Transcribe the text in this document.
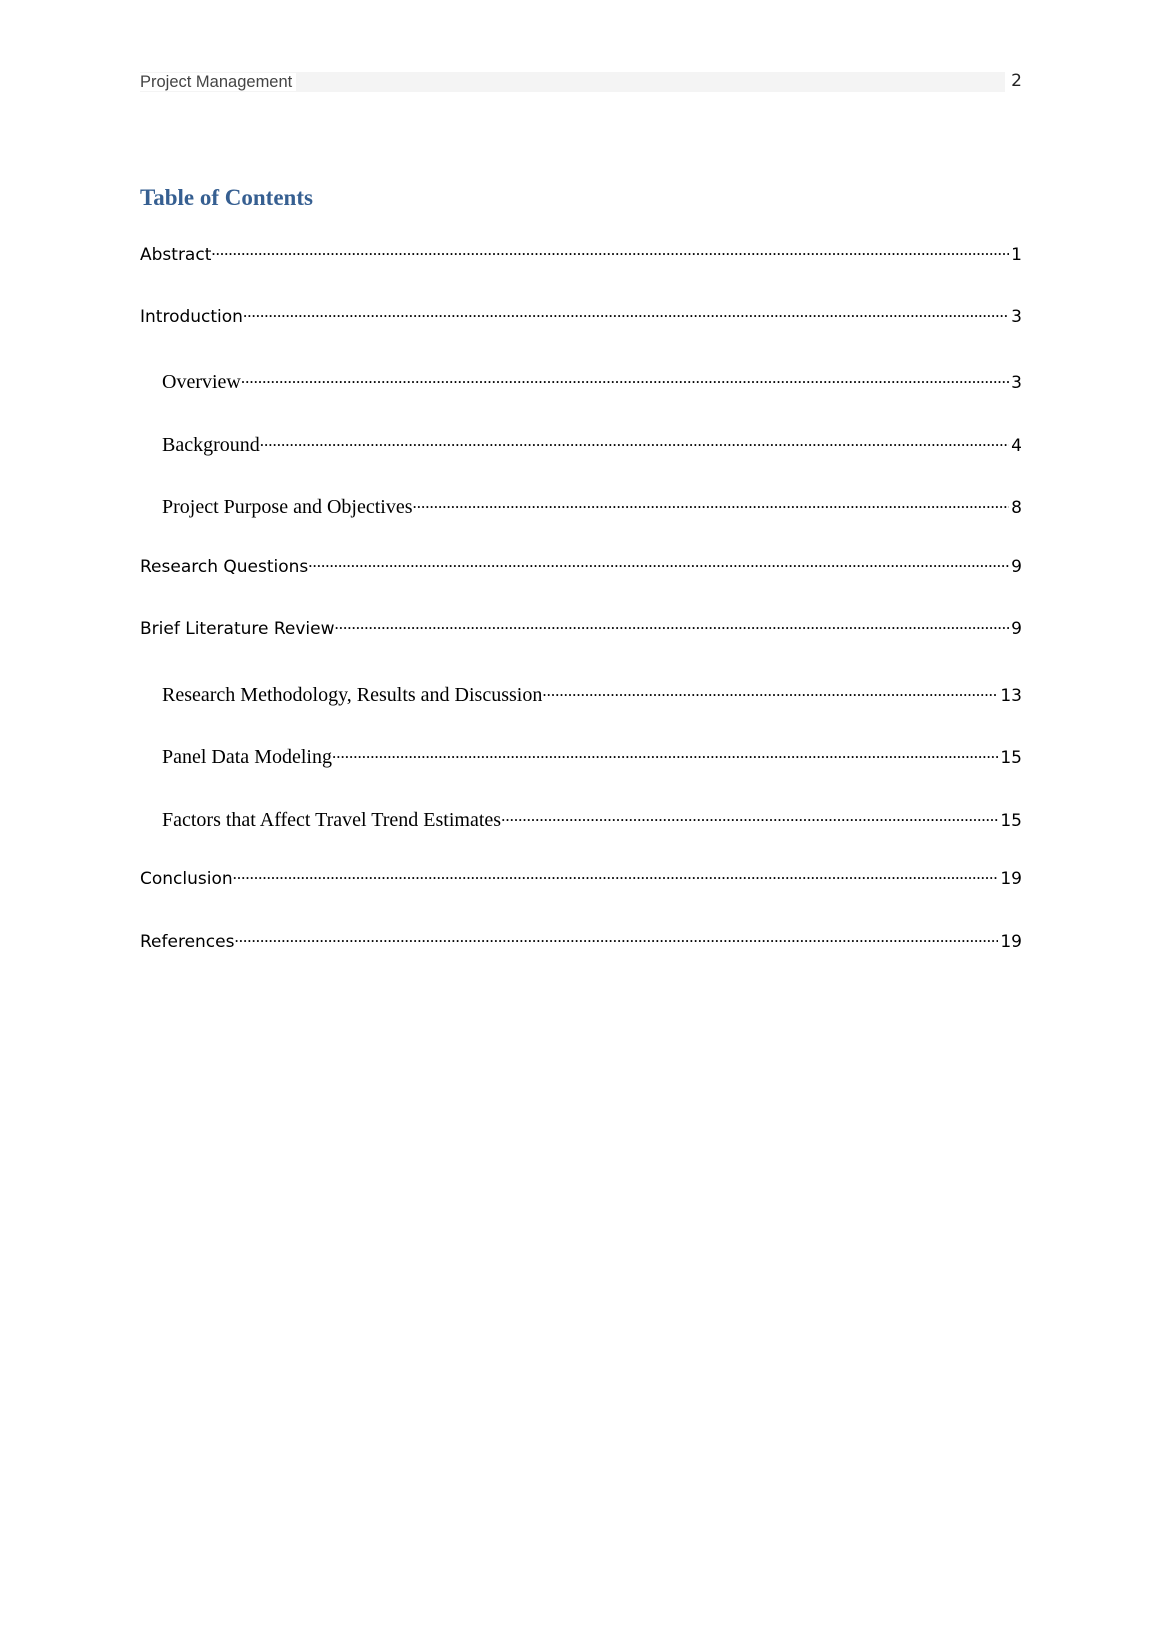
Project Management	2
Table of Contents
Abstract .....	1
Introduction .....	3
Overview .....	3
Background .....	4
Project Purpose and Objectives .....	8
Research Questions .....	9
Brief Literature Review .....	9
Research Methodology, Results and Discussion .....	13
Panel Data Modeling .....	15
Factors that Affect Travel Trend Estimates .....	15
Conclusion .....	19
References .....	19
